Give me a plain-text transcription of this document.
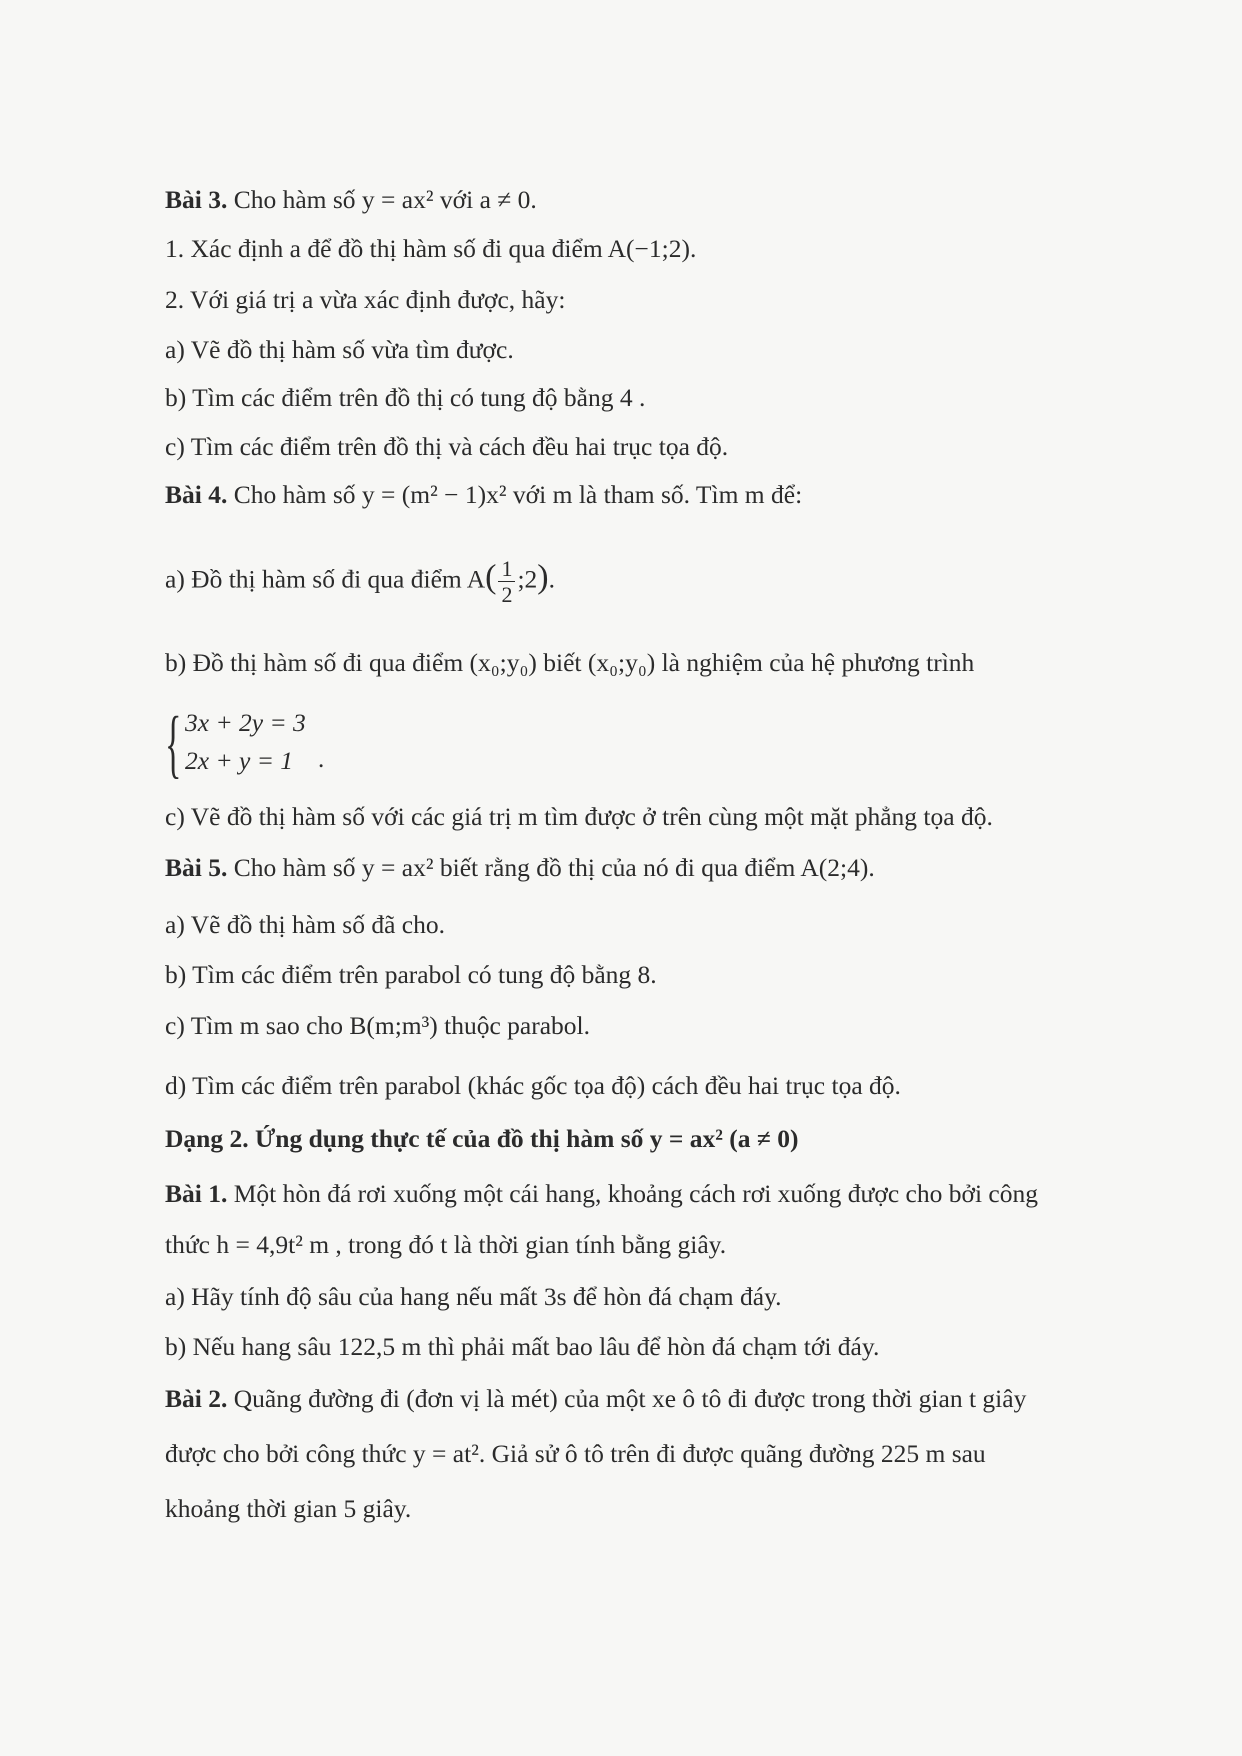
Bài 3. Cho hàm số y = ax² với a ≠ 0.
1. Xác định a để đồ thị hàm số đi qua điểm A(−1;2).
2. Với giá trị a vừa xác định được, hãy:
a) Vẽ đồ thị hàm số vừa tìm được.
b) Tìm các điểm trên đồ thị có tung độ bằng 4 .
c) Tìm các điểm trên đồ thị và cách đều hai trục tọa độ.
Bài 4. Cho hàm số y = (m² − 1)x² với m là tham số. Tìm m để:
a) Đồ thị hàm số đi qua điểm $A( \frac{1}{2}$ ;2).
b) Đồ thị hàm số đi qua điểm (x₀;y₀) biết (x₀;y₀) là nghiệm của hệ phương trình
{ 3x + 2y = 3
2x + y = 1 .
c) Vẽ đồ thị hàm số với các giá trị m tìm được ở trên cùng một mặt phẳng tọa độ.
Bài 5. Cho hàm số y = ax² biết rằng đồ thị của nó đi qua điểm A(2;4).
a) Vẽ đồ thị hàm số đã cho.
b) Tìm các điểm trên parabol có tung độ bằng 8.
c) Tìm m sao cho B(m;m³) thuộc parabol.
d) Tìm các điểm trên parabol (khác gốc tọa độ) cách đều hai trục tọa độ.
Dạng 2. Ứng dụng thực tế của đồ thị hàm số y = ax² (a ≠ 0)
Bài 1. Một hòn đá rơi xuống một cái hang, khoảng cách rơi xuống được cho bởi công
thức h = 4,9t² m , trong đó t là thời gian tính bằng giây.
a) Hãy tính độ sâu của hang nếu mất 3s để hòn đá chạm đáy.
b) Nếu hang sâu 122,5 m thì phải mất bao lâu để hòn đá chạm tới đáy.
Bài 2. Quãng đường đi (đơn vị là mét) của một xe ô tô đi được trong thời gian t giây
được cho bởi công thức y = at². Giả sử ô tô trên đi được quãng đường 225 m sau
khoảng thời gian 5 giây.
